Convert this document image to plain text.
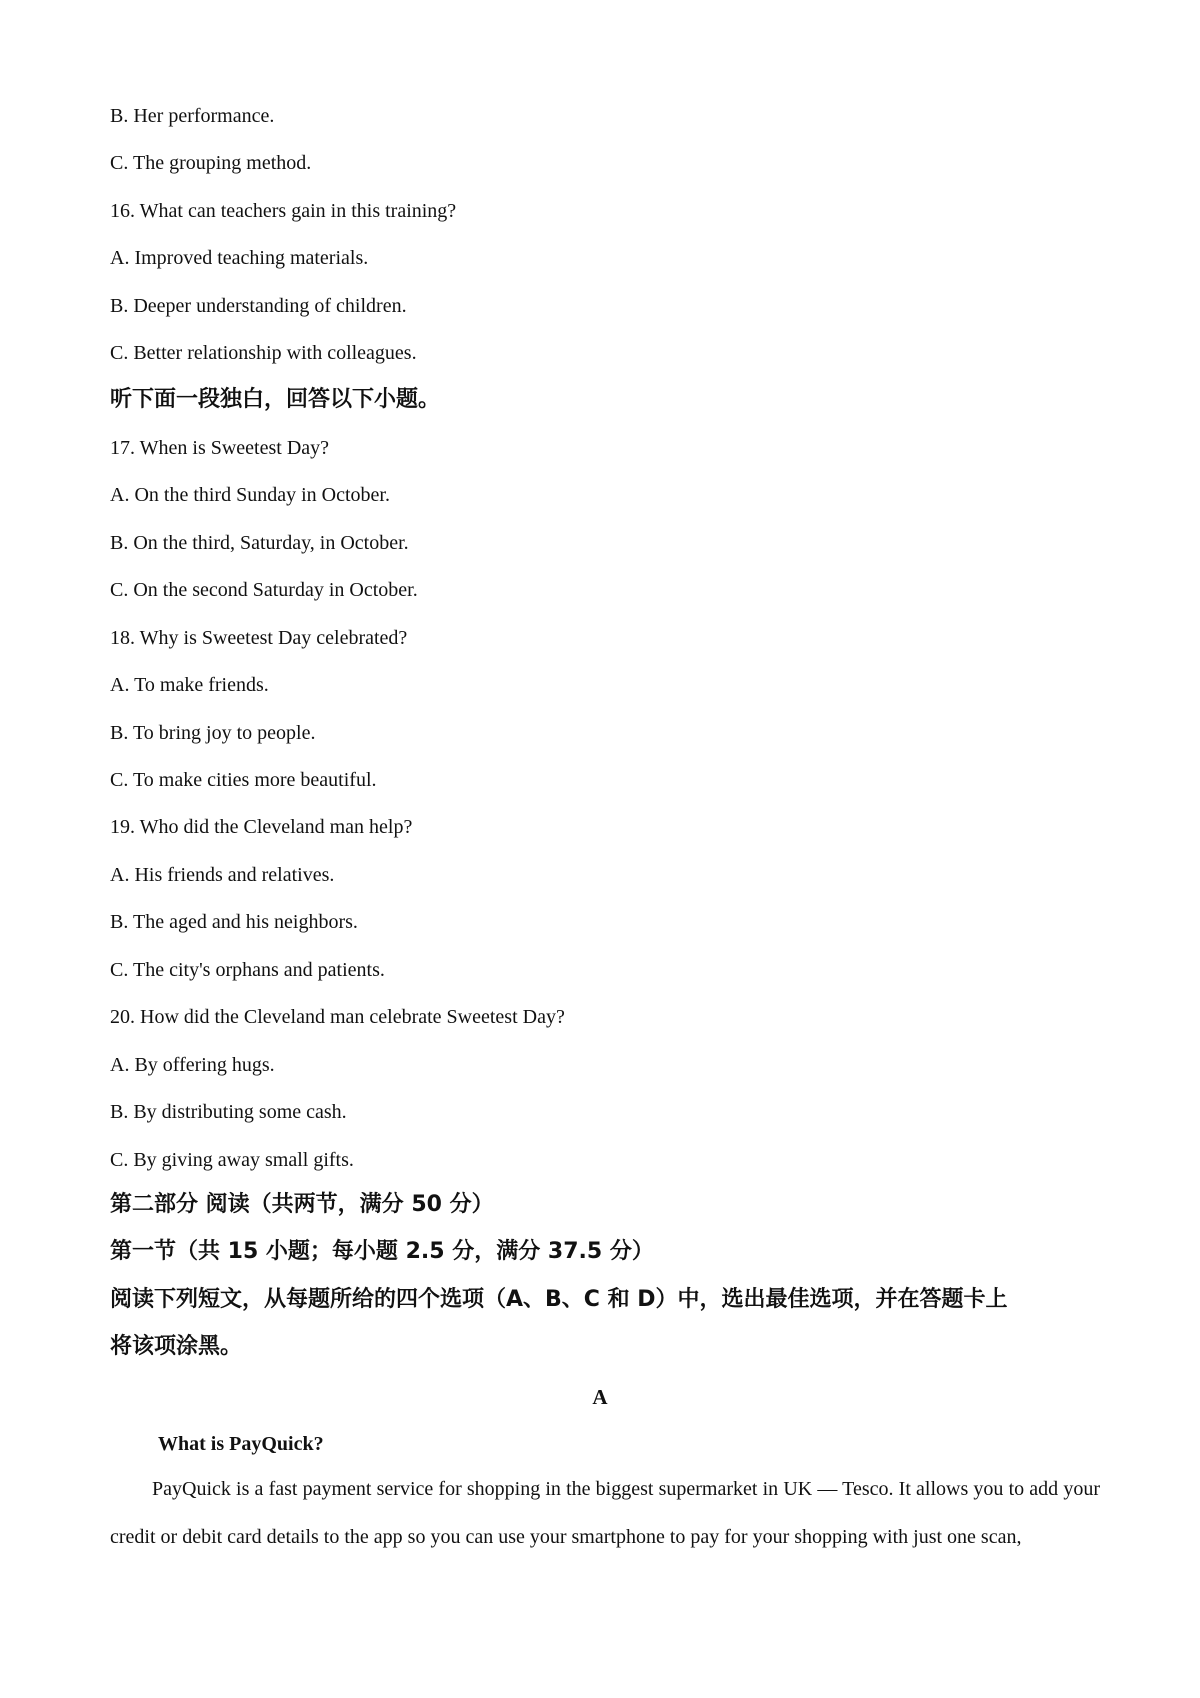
B. Her performance.
C. The grouping method.
16. What can teachers gain in this training?
A. Improved teaching materials.
B. Deeper understanding of children.
C. Better relationship with colleagues.
听下面一段独白，回答以下小题。
17. When is Sweetest Day?
A. On the third Sunday in October.
B. On the third, Saturday, in October.
C. On the second Saturday in October.
18. Why is Sweetest Day celebrated?
A. To make friends.
B. To bring joy to people.
C. To make cities more beautiful.
19. Who did the Cleveland man help?
A. His friends and relatives.
B. The aged and his neighbors.
C. The city's orphans and patients.
20. How did the Cleveland man celebrate Sweetest Day?
A. By offering hugs.
B. By distributing some cash.
C. By giving away small gifts.
第二部分 阅读（共两节，满分 50 分）
第一节（共 15 小题；每小题 2.5 分，满分 37.5 分）
阅读下列短文，从每题所给的四个选项（A、B、C 和 D）中，选出最佳选项，并在答题卡上
将该项涂黑。
A
What is PayQuick?
PayQuick is a fast payment service for shopping in the biggest supermarket in UK — Tesco. It allows you to add your credit or debit card details to the app so you can use your smartphone to pay for your shopping with just one scan,
